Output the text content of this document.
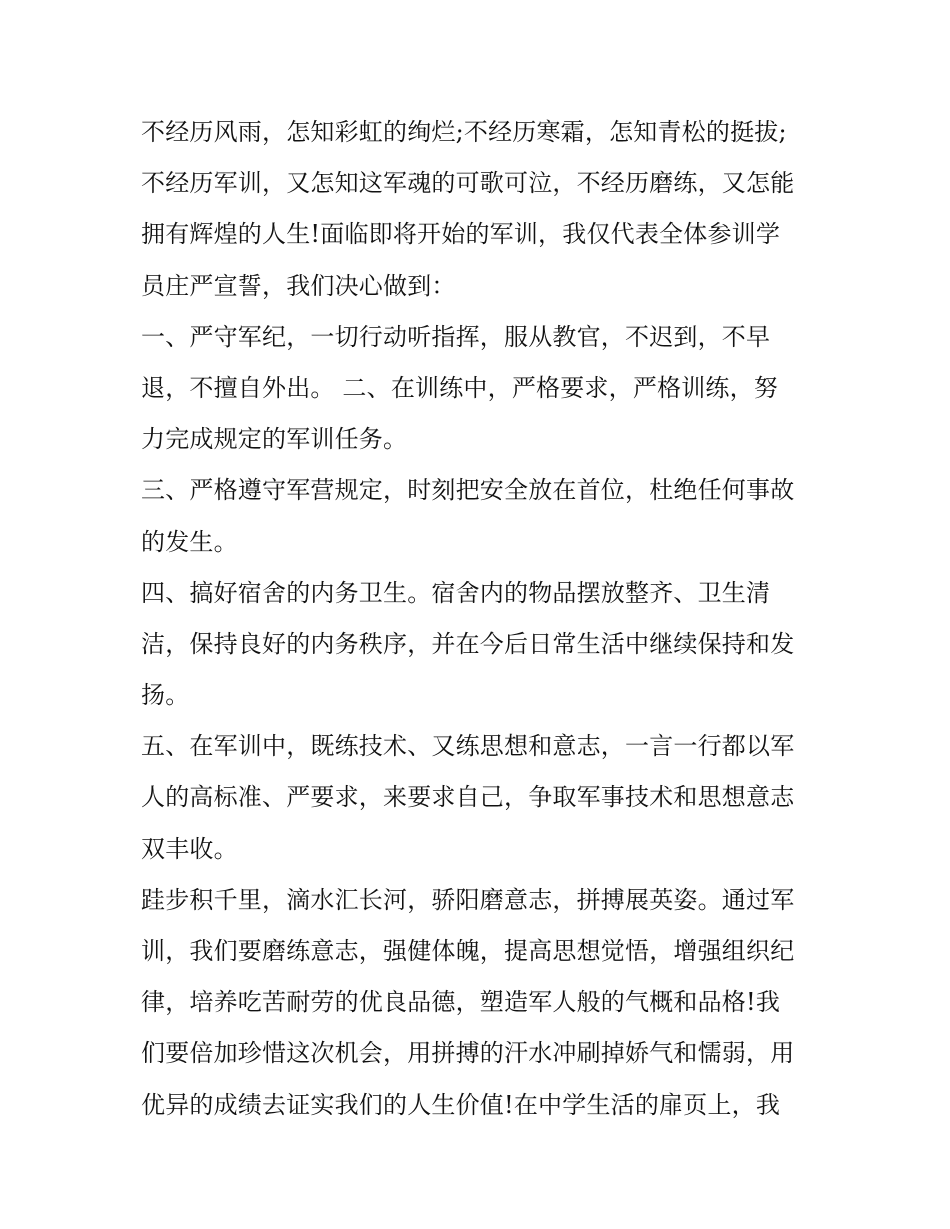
不经历风雨，怎知彩虹的绚烂;不经历寒霜，怎知青松的挺拔;
不经历军训，又怎知这军魂的可歌可泣，不经历磨练，又怎能
拥有辉煌的人生!面临即将开始的军训，我仅代表全体参训学
员庄严宣誓，我们决心做到：
一、严守军纪，一切行动听指挥，服从教官，不迟到，不早
退，不擅自外出。 二、在训练中，严格要求，严格训练，努
力完成规定的军训任务。
三、严格遵守军营规定，时刻把安全放在首位，杜绝任何事故
的发生。
四、搞好宿舍的内务卫生。宿舍内的物品摆放整齐、卫生清
洁，保持良好的内务秩序，并在今后日常生活中继续保持和发
扬。
五、在军训中，既练技术、又练思想和意志，一言一行都以军
人的高标准、严要求，来要求自己，争取军事技术和思想意志
双丰收。
跬步积千里，滴水汇长河，骄阳磨意志，拼搏展英姿。通过军
训，我们要磨练意志，强健体魄，提高思想觉悟，增强组织纪
律，培养吃苦耐劳的优良品德，塑造军人般的气概和品格!我
们要倍加珍惜这次机会，用拼搏的汗水冲刷掉娇气和懦弱，用
优异的成绩去证实我们的人生价值!在中学生活的扉页上，我
